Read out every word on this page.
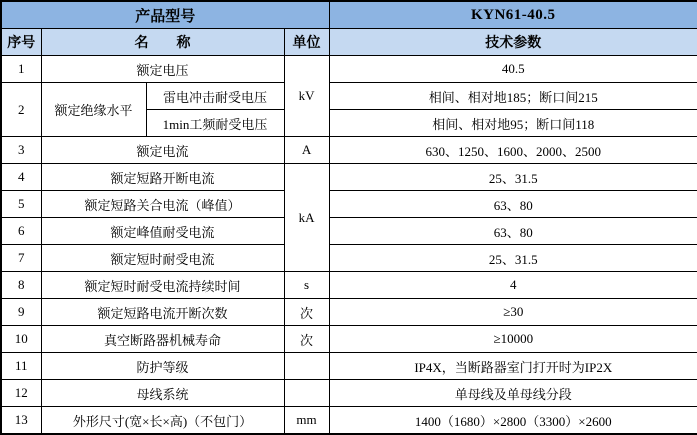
产品型号				KYN61-40.5
序号	名　　称		单位	技术参数
1	额定电压		kV	40.5
2	额定绝缘水平	雷电冲击耐受电压		相间、相对地185；断口间215
		1min工频耐受电压		相间、相对地95；断口间118
3	额定电流		A	630、1250、1600、2000、2500
4	额定短路开断电流		kA	25、31.5
5	额定短路关合电流（峰值）			63、80
6	额定峰值耐受电流			63、80
7	额定短时耐受电流			25、31.5
8	额定短时耐受电流持续时间		s	4
9	额定短路电流开断次数		次	≥30
10	真空断路器机械寿命		次	≥10000
11	防护等级			IP4X，当断路器室门打开时为IP2X
12	母线系统			单母线及单母线分段
13	外形尺寸(宽×长×高)（不包门）		mm	1400（1680）×2800（3300）×2600
